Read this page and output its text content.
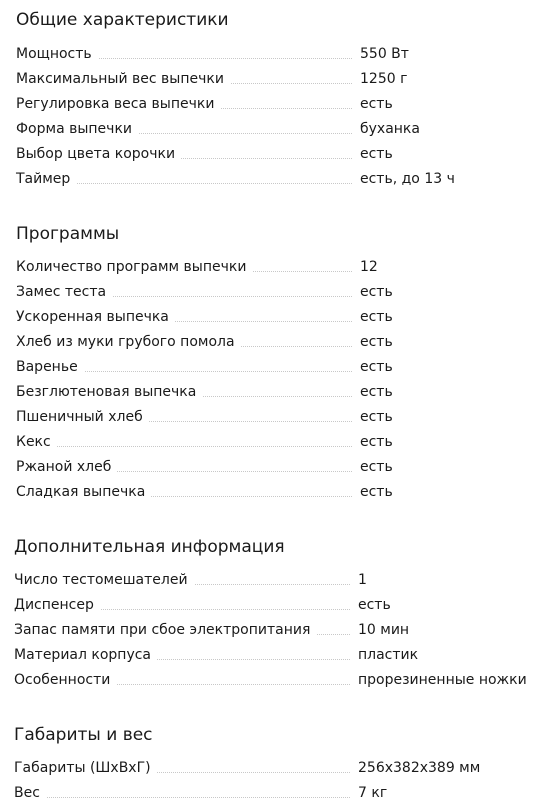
Общие характеристики
Мощность	550 Вт
Максимальный вес выпечки	1250 г
Регулировка веса выпечки	есть
Форма выпечки	буханка
Выбор цвета корочки	есть
Таймер	есть, до 13 ч
Программы
Количество программ выпечки	12
Замес теста	есть
Ускоренная выпечка	есть
Хлеб из муки грубого помола	есть
Варенье	есть
Безглютеновая выпечка	есть
Пшеничный хлеб	есть
Кекс	есть
Ржаной хлеб	есть
Сладкая выпечка	есть
Дополнительная информация
Число тестомешателей	1
Диспенсер	есть
Запас памяти при сбое электропитания	10 мин
Материал корпуса	пластик
Особенности	прорезиненные ножки
Габариты и вес
Габариты (ШхВхГ)	256x382x389 мм
Вес	7 кг
